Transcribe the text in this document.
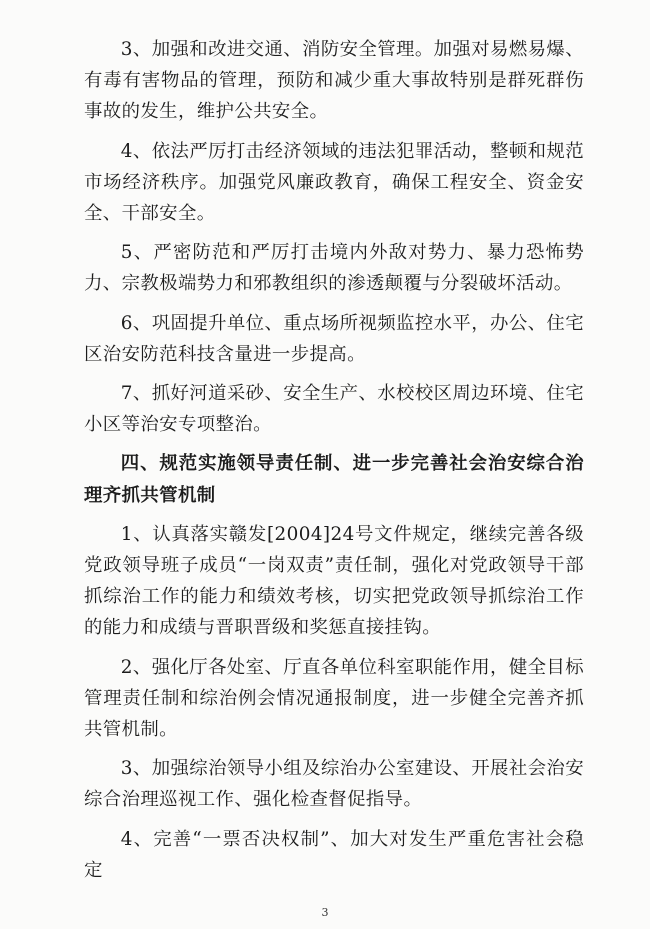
3、加强和改进交通、消防安全管理。加强对易燃易爆、有毒有害物品的管理，预防和减少重大事故特别是群死群伤事故的发生，维护公共安全。

4、依法严厉打击经济领域的违法犯罪活动，整顿和规范市场经济秩序。加强党风廉政教育，确保工程安全、资金安全、干部安全。

5、严密防范和严厉打击境内外敌对势力、暴力恐怖势力、宗教极端势力和邪教组织的渗透颠覆与分裂破坏活动。

6、巩固提升单位、重点场所视频监控水平，办公、住宅区治安防范科技含量进一步提高。

7、抓好河道采砂、安全生产、水校校区周边环境、住宅小区等治安专项整治。

四、规范实施领导责任制、进一步完善社会治安综合治理齐抓共管机制

1、认真落实赣发[2004]24号文件规定，继续完善各级党政领导班子成员“一岗双责”责任制，强化对党政领导干部抓综治工作的能力和绩效考核，切实把党政领导抓综治工作的能力和成绩与晋职晋级和奖惩直接挂钩。

2、强化厅各处室、厅直各单位科室职能作用，健全目标管理责任制和综治例会情况通报制度，进一步健全完善齐抓共管机制。

3、加强综治领导小组及综治办公室建设、开展社会治安综合治理巡视工作、强化检查督促指导。

4、完善“一票否决权制”、加大对发生严重危害社会稳定

3
